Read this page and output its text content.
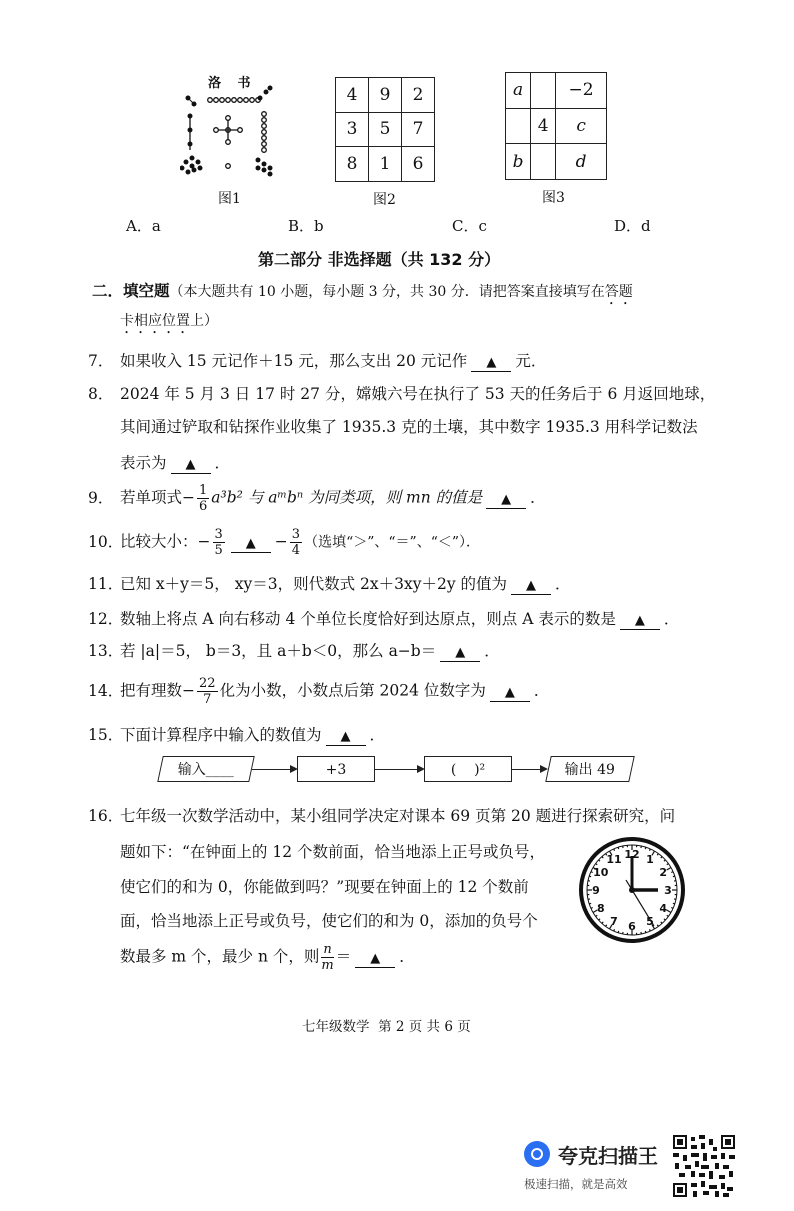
洛 书
图1
4	9	2
3	5	7
8	1	6
图2
a		−2
	4	c
b		d
图3
A．a	B．b	C．c	D．d
第二部分 非选择题（共 132 分）
二．填空题（本大题共有 10 小题，每小题 3 分，共 30 分．请把答案直接填写在答题
卡相应位置上）
7． 如果收入 15 元记作＋15 元，那么支出 20 元记作 ▲ 元．
8． 2024 年 5 月 3 日 17 时 27 分，嫦娥六号在执行了 53 天的任务后于 6 月返回地球，
其间通过铲取和钻探作业收集了 1935.3 克的土壤，其中数字 1935.3 用科学记数法
表示为 ▲ ．
9． 若单项式− $\frac{1}{6} a^3b^2$ 与 aᵐbⁿ 为同类项，则 mn 的值是 ▲ ．
10．比较大小：− $\frac{3}{5}$ ▲ − $\frac{3}{4}$ （选填“＞”、“＝”、“＜”）．
11．已知 x＋y＝5， xy＝3，则代数式 2x＋3xy＋2y 的值为 ▲ ．
12．数轴上将点 A 向右移动 4 个单位长度恰好到达原点，则点 A 表示的数是 ▲ ．
13．若 |a|＝5， b＝3，且 a＋b＜0，那么 a−b＝ ▲ ．
14．把有理数− $\frac{22}{7}$ 化为小数，小数点后第 2024 位数字为 ▲ ．
15．下面计算程序中输入的数值为 ▲ ．
输入____	+3	(    )²	输出 49
16．七年级一次数学活动中，某小组同学决定对课本 69 页第 20 题进行探索研究，问
题如下：“在钟面上的 12 个数前面，恰当地添上正号或负号，
使它们的和为 0，你能做到吗？”现要在钟面上的 12 个数前
面，恰当地添上正号或负号，使它们的和为 0，添加的负号个
数最多 m 个，最少 n 个，则 $\frac{n}{m}$ ＝ ▲ ．
12 1
2
3
4
5
6
7
8
9
10
11
七年级数学  第 2 页 共 6 页
夸克扫描王
极速扫描，就是高效
